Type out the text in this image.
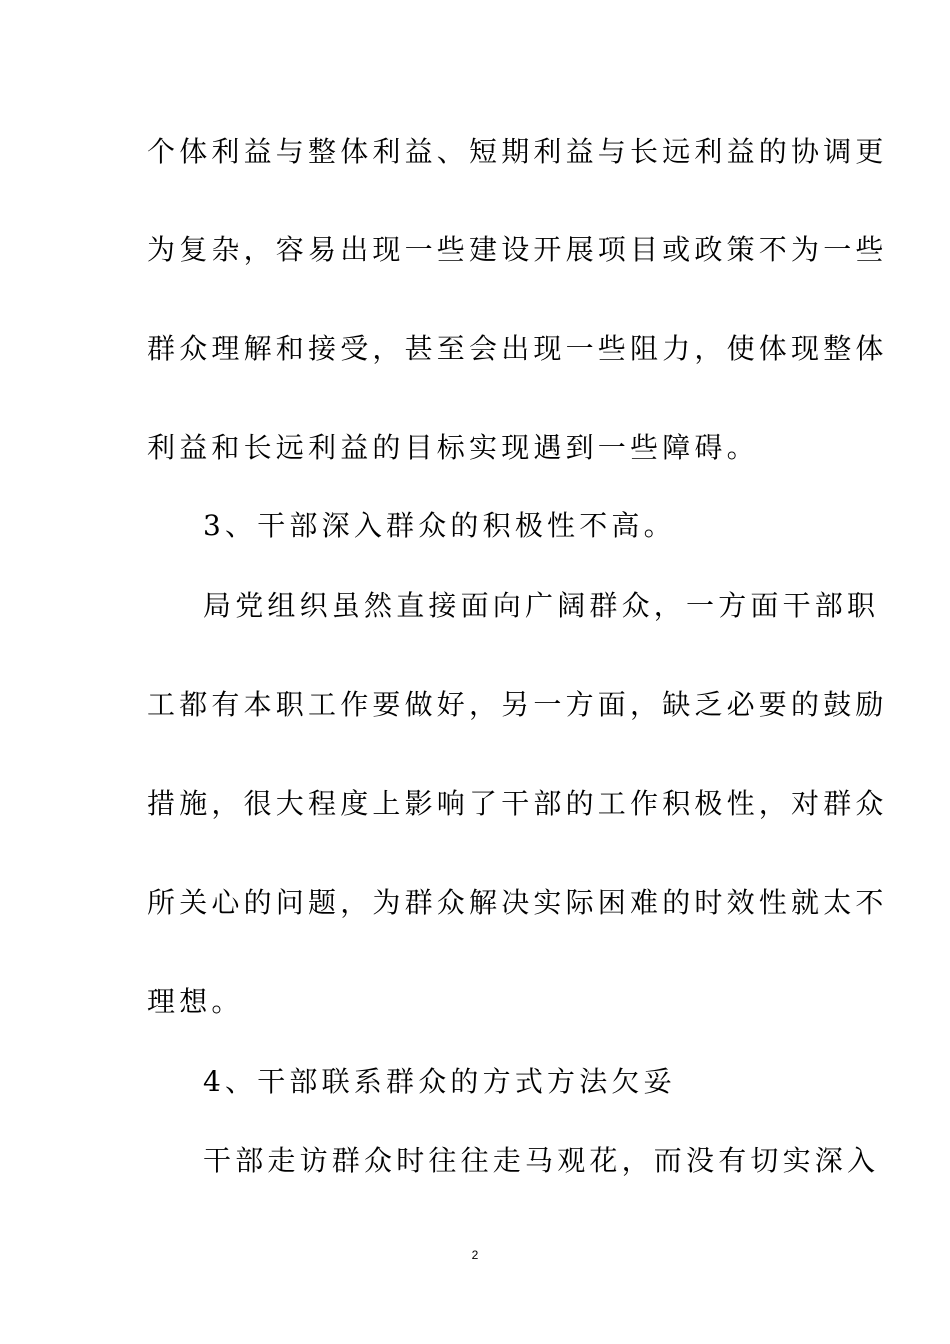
个体利益与整体利益、短期利益与长远利益的协调更
为复杂，容易出现一些建设开展项目或政策不为一些
群众理解和接受，甚至会出现一些阻力，使体现整体
利益和长远利益的目标实现遇到一些障碍。
3、干部深入群众的积极性不高。
局党组织虽然直接面向广阔群众，一方面干部职
工都有本职工作要做好，另一方面，缺乏必要的鼓励
措施，很大程度上影响了干部的工作积极性，对群众
所关心的问题，为群众解决实际困难的时效性就太不
理想。
4、干部联系群众的方式方法欠妥
干部走访群众时往往走马观花，而没有切实深入
2
